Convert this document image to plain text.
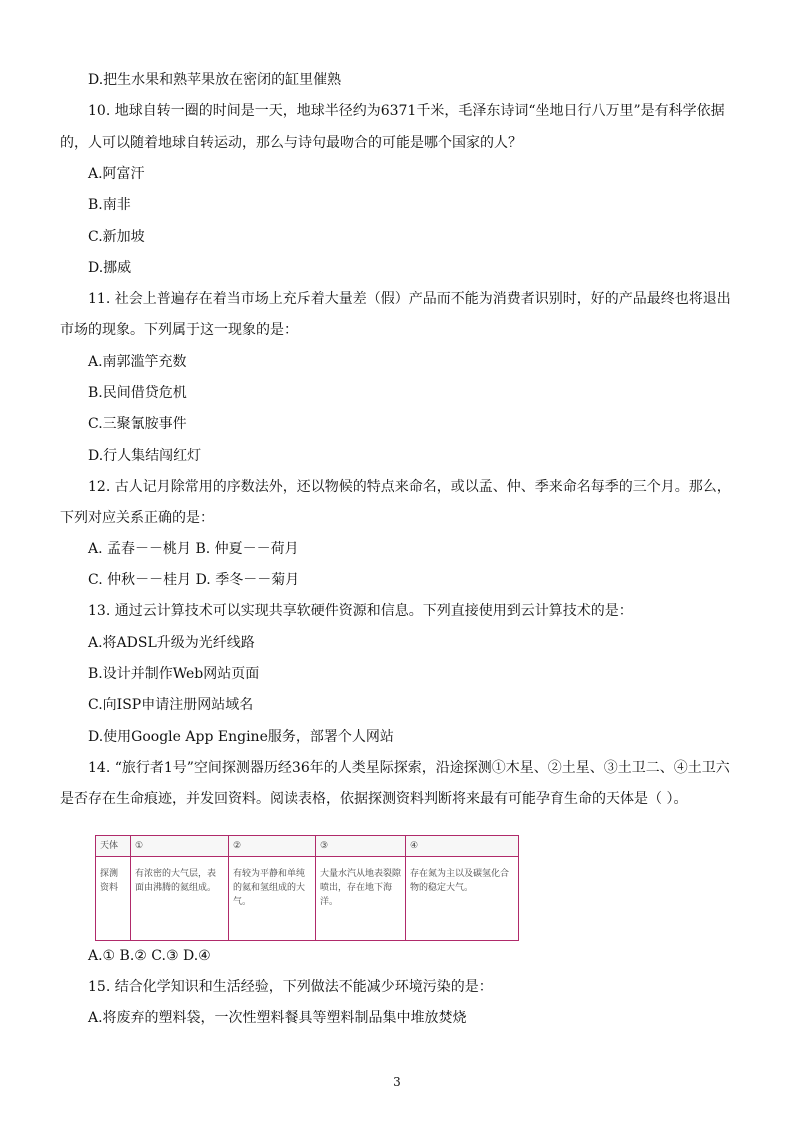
D.把生水果和熟苹果放在密闭的缸里催熟
10. 地球自转一圈的时间是一天，地球半径约为6371千米，毛泽东诗词“坐地日行八万里”是有科学依据
的，人可以随着地球自转运动，那么与诗句最吻合的可能是哪个国家的人？
A.阿富汗
B.南非
C.新加坡
D.挪威
11. 社会上普遍存在着当市场上充斥着大量差（假）产品而不能为消费者识别时，好的产品最终也将退出
市场的现象。下列属于这一现象的是：
A.南郭滥竽充数
B.民间借贷危机
C.三聚氰胺事件
D.行人集结闯红灯
12. 古人记月除常用的序数法外，还以物候的特点来命名，或以孟、仲、季来命名每季的三个月。那么，
下列对应关系正确的是：
A. 孟春－－桃月 B. 仲夏－－荷月
C. 仲秋－－桂月 D. 季冬－－菊月
13. 通过云计算技术可以实现共享软硬件资源和信息。下列直接使用到云计算技术的是：
A.将ADSL升级为光纤线路
B.设计并制作Web网站页面
C.向ISP申请注册网站域名
D.使用Google App Engine服务，部署个人网站
14. “旅行者1号”空间探测器历经36年的人类星际探索，沿途探测①木星、②土星、③土卫二、④土卫六
是否存在生命痕迹，并发回资料。阅读表格，依据探测资料判断将来最有可能孕育生命的天体是（ ）。
天体	①	②	③	④
探测资料	有浓密的大气层，表面由沸腾的氦组成。	有较为平静和单纯的氦和氢组成的大气。	大量水汽从地表裂隙喷出，存在地下海洋。	存在氮为主以及碳氢化合物的稳定大气。
A.① B.② C.③ D.④
15. 结合化学知识和生活经验，下列做法不能减少环境污染的是：
A.将废弃的塑料袋，一次性塑料餐具等塑料制品集中堆放焚烧
3
